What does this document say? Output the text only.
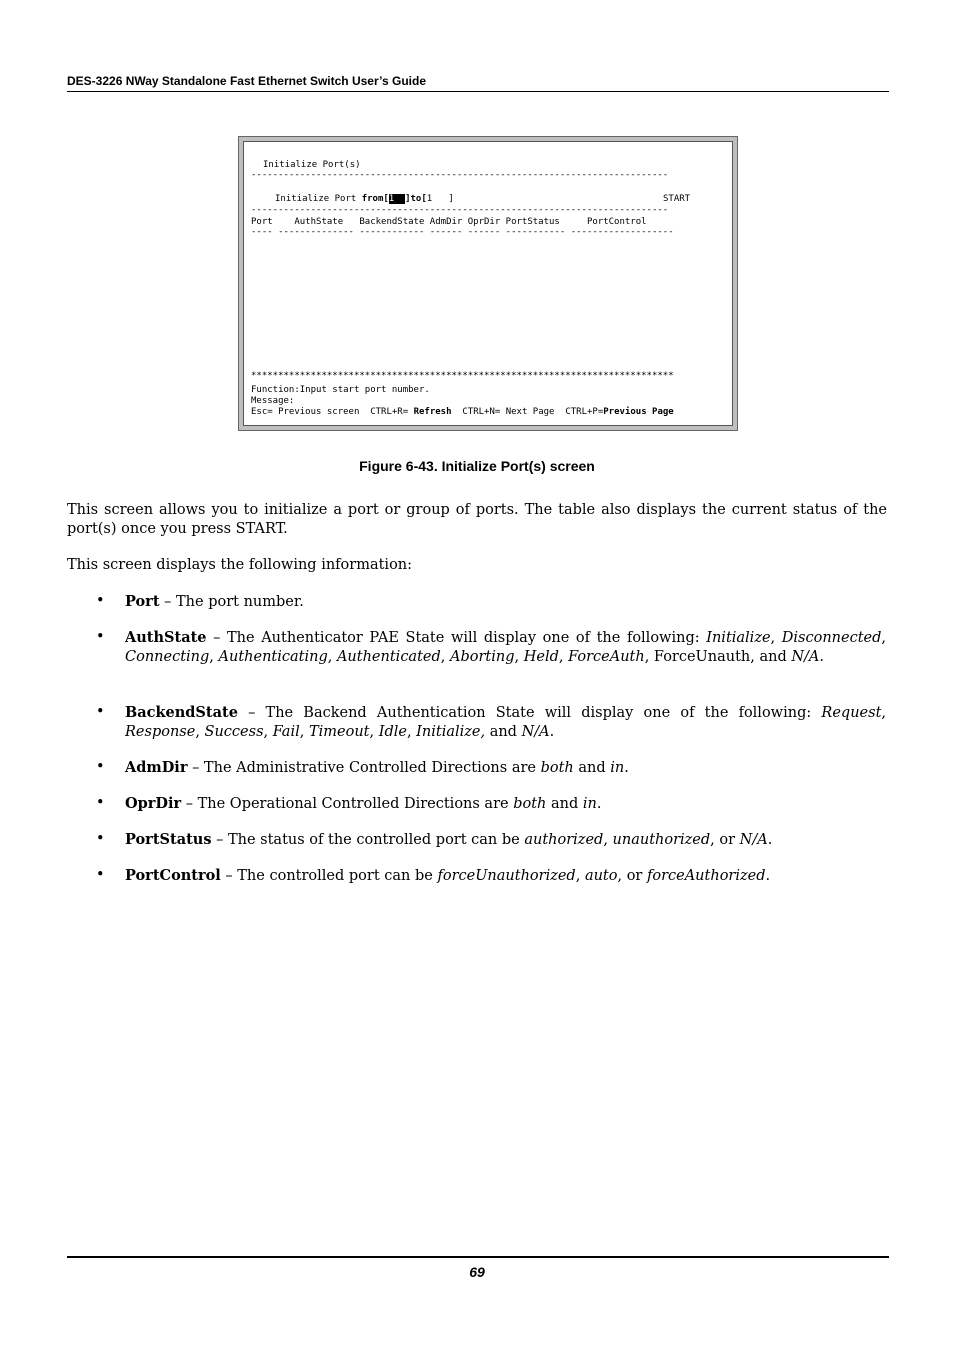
DES-3226 NWay Standalone Fast Ethernet Switch User’s Guide
Initialize Port(s)
-----------------------------------------------------------------------------
Initialize Port from[1  ]to[1   ]	START
-----------------------------------------------------------------------------
Port    AuthState   BackendState AdmDir OprDir PortStatus     PortControl
---- -------------- ------------ ------ ------ ----------- -------------------
******************************************************************************
Function:Input start port number.
Message:
Esc= Previous screen  CTRL+R= Refresh  CTRL+N= Next Page  CTRL+P=Previous Page
Figure 6-43. Initialize Port(s) screen
This screen allows you to initialize a port or group of ports. The table also displays the current status of the port(s) once you press START.
This screen displays the following information:
• Port – The port number.
• AuthState – The Authenticator PAE State will display one of the following: Initialize, Disconnected, Connecting, Authenticating, Authenticated, Aborting, Held, ForceAuth, ForceUnauth, and N/A.
• BackendState – The Backend Authentication State will display one of the following: Request, Response, Success, Fail, Timeout, Idle, Initialize, and N/A.
• AdmDir – The Administrative Controlled Directions are both and in.
• OprDir – The Operational Controlled Directions are both and in.
• PortStatus – The status of the controlled port can be authorized, unauthorized, or N/A.
• PortControl – The controlled port can be forceUnauthorized, auto, or forceAuthorized.
69
